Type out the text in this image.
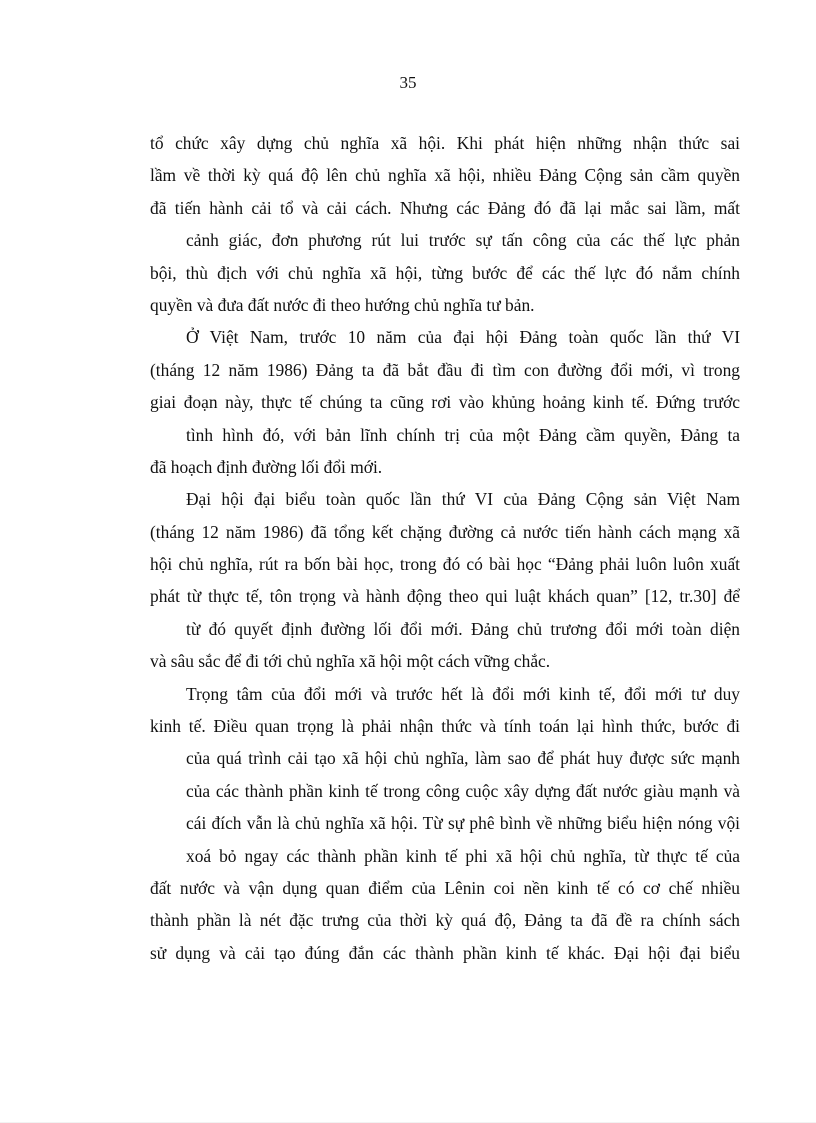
35
tổ chức xây dựng chủ nghĩa xã hội. Khi phát hiện những nhận thức sai
lầm về thời kỳ quá độ lên chủ nghĩa xã hội, nhiều Đảng Cộng sản cầm quyền
đã tiến hành cải tổ và cải cách. Nhưng các Đảng đó đã lại mắc sai lầm, mất
cảnh giác, đơn phương rút lui trước sự tấn công của các thế lực phản
bội, thù địch với chủ nghĩa xã hội, từng bước để các thế lực đó nắm chính
quyền và đưa đất nước đi theo hướng chủ nghĩa tư bản.
Ở Việt Nam, trước 10 năm của đại hội Đảng toàn quốc lần thứ VI
(tháng 12 năm 1986) Đảng ta đã bắt đầu đi tìm con đường đổi mới, vì trong
giai đoạn này, thực tế chúng ta cũng rơi vào khủng hoảng kinh tế. Đứng trước
tình hình đó, với bản lĩnh chính trị của một Đảng cầm quyền, Đảng ta
đã hoạch định đường lối đổi mới.
Đại hội đại biểu toàn quốc lần thứ VI của Đảng Cộng sản Việt Nam
(tháng 12 năm 1986) đã tổng kết chặng đường cả nước tiến hành cách mạng xã
hội chủ nghĩa, rút ra bốn bài học, trong đó có bài học “Đảng phải luôn luôn xuất
phát từ thực tế, tôn trọng và hành động theo qui luật khách quan” [12, tr.30] để
từ đó quyết định đường lối đổi mới. Đảng chủ trương đổi mới toàn diện
và sâu sắc để đi tới chủ nghĩa xã hội một cách vững chắc.
Trọng tâm của đổi mới và trước hết là đổi mới kinh tế, đổi mới tư duy
kinh tế. Điều quan trọng là phải nhận thức và tính toán lại hình thức, bước đi
của quá trình cải tạo xã hội chủ nghĩa, làm sao để phát huy được sức mạnh
của các thành phần kinh tế trong công cuộc xây dựng đất nước giàu mạnh và
cái đích vẫn là chủ nghĩa xã hội. Từ sự phê bình về những biểu hiện nóng vội
xoá bỏ ngay các thành phần kinh tế phi xã hội chủ nghĩa, từ thực tế của
đất nước và vận dụng quan điểm của Lênin coi nền kinh tế có cơ chế nhiều
thành phần là nét đặc trưng của thời kỳ quá độ, Đảng ta đã đề ra chính sách
sử dụng và cải tạo đúng đắn các thành phần kinh tế khác. Đại hội đại biểu
